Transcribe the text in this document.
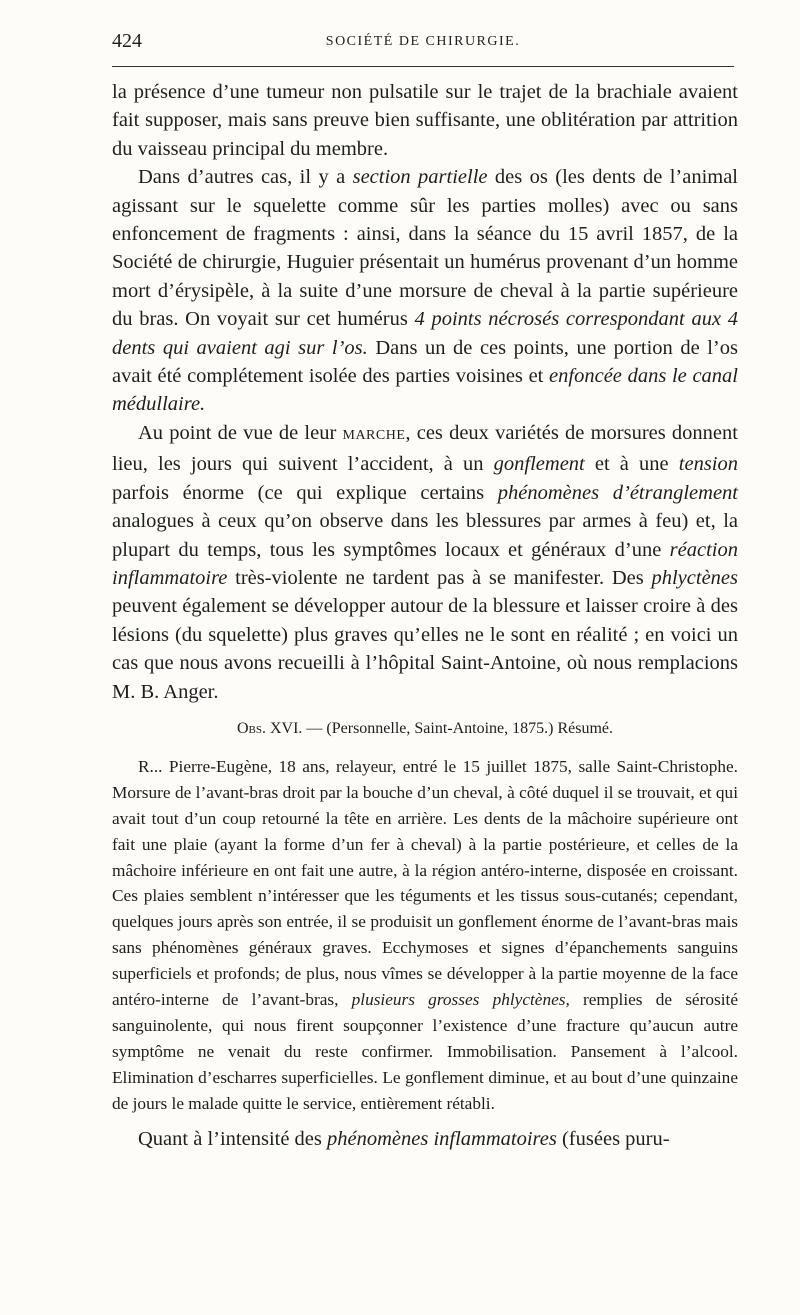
424	SOCIÉTÉ DE CHIRURGIE.

la présence d’une tumeur non pulsatile sur le trajet de la brachiale avaient fait supposer, mais sans preuve bien suffisante, une oblitération par attrition du vaisseau principal du membre.

Dans d’autres cas, il y a section partielle des os (les dents de l’animal agissant sur le squelette comme sûr les parties molles) avec ou sans enfoncement de fragments : ainsi, dans la séance du 15 avril 1857, de la Société de chirurgie, Huguier présentait un humérus provenant d’un homme mort d’érysipèle, à la suite d’une morsure de cheval à la partie supérieure du bras. On voyait sur cet humérus 4 points nécrosés correspondant aux 4 dents qui avaient agi sur l’os. Dans un de ces points, une portion de l’os avait été complétement isolée des parties voisines et enfoncée dans le canal médullaire.

Au point de vue de leur MARCHE, ces deux variétés de morsures donnent lieu, les jours qui suivent l’accident, à un gonflement et à une tension parfois énorme (ce qui explique certains phénomènes d’étranglement analogues à ceux qu’on observe dans les blessures par armes à feu) et, la plupart du temps, tous les symptômes locaux et généraux d’une réaction inflammatoire très-violente ne tardent pas à se manifester. Des phlyctènes peuvent également se développer autour de la blessure et laisser croire à des lésions (du squelette) plus graves qu’elles ne le sont en réalité ; en voici un cas que nous avons recueilli à l’hôpital Saint-Antoine, où nous remplacions M. B. Anger.

Obs. XVI. — (Personnelle, Saint-Antoine, 1875.) Résumé.

R... Pierre-Eugène, 18 ans, relayeur, entré le 15 juillet 1875, salle Saint-Christophe. Morsure de l’avant-bras droit par la bouche d’un cheval, à côté duquel il se trouvait, et qui avait tout d’un coup retourné la tête en arrière. Les dents de la mâchoire supérieure ont fait une plaie (ayant la forme d’un fer à cheval) à la partie postérieure, et celles de la mâchoire inférieure en ont fait une autre, à la région antéro-interne, disposée en croissant. Ces plaies semblent n’intéresser que les téguments et les tissus sous-cutanés; cependant, quelques jours après son entrée, il se produisit un gonflement énorme de l’avant-bras mais sans phénomènes généraux graves. Ecchymoses et signes d’épanchements sanguins superficiels et profonds; de plus, nous vîmes se développer à la partie moyenne de la face antéro-interne de l’avant-bras, plusieurs grosses phlyctènes, remplies de sérosité sanguinolente, qui nous firent soupçonner l’existence d’une fracture qu’aucun autre symptôme ne venait du reste confirmer. Immobilisation. Pansement à l’alcool. Elimination d’escharres superficielles. Le gonflement diminue, et au bout d’une quinzaine de jours le malade quitte le service, entièrement rétabli.

Quant à l’intensité des phénomènes inflammatoires (fusées puru-
